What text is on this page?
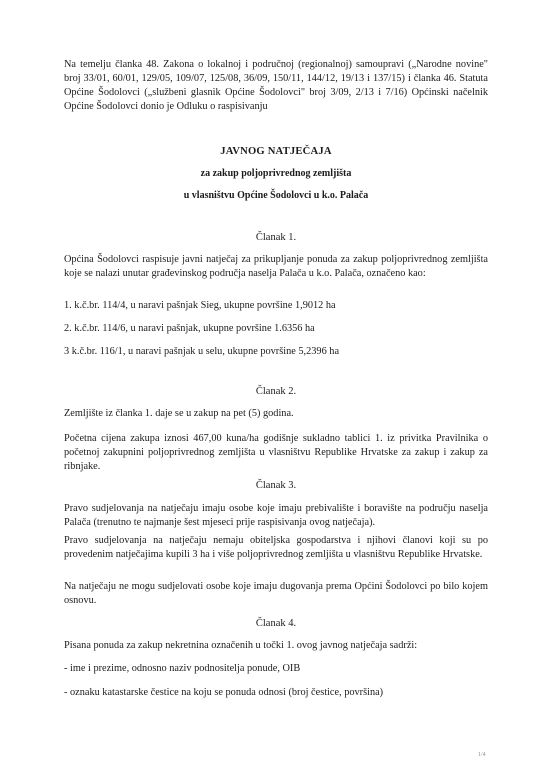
Na temelju članka 48. Zakona o lokalnoj i područnoj (regionalnoj) samoupravi („Narodne novine" broj 33/01, 60/01, 129/05, 109/07, 125/08, 36/09, 150/11, 144/12, 19/13 i 137/15) i članka 46. Statuta Općine Šodolovci („službeni glasnik Općine Šodolovci" broj 3/09, 2/13 i 7/16) Općinski načelnik Općine Šodolovci donio je Odluku o raspisivanju

JAVNOG NATJEČAJA

za zakup poljoprivrednog zemljišta

u vlasništvu Općine Šodolovci u k.o. Palača

Članak 1.

Općina Šodolovci raspisuje javni natječaj za prikupljanje ponuda za zakup poljoprivrednog zemljišta koje se nalazi unutar građevinskog područja naselja Palača u k.o. Palača, označeno kao:

1. k.č.br. 114/4, u naravi pašnjak Sieg, ukupne površine 1,9012 ha

2. k.č.br. 114/6, u naravi pašnjak, ukupne površine 1.6356 ha

3 k.č.br. 116/1, u naravi pašnjak u selu, ukupne površine 5,2396 ha

Članak 2.

Zemljište iz članka 1. daje se u zakup na pet (5) godina.

Početna cijena zakupa iznosi 467,00 kuna/ha godišnje sukladno tablici 1. iz privitka Pravilnika o početnoj zakupnini poljoprivrednog zemljišta u vlasništvu Republike Hrvatske za zakup i zakup za ribnjake.

Članak 3.

Pravo sudjelovanja na natječaju imaju osobe koje imaju prebivalište i boravište na području naselja Palača (trenutno te najmanje šest mjeseci prije raspisivanja ovog natječaja).

Pravo sudjelovanja na natječaju nemaju obiteljska gospodarstva i njihovi članovi koji su po provedenim natječajima kupili 3 ha i više poljoprivrednog zemljišta u vlasništvu Republike Hrvatske.

Na natječaju ne mogu sudjelovati osobe koje imaju dugovanja prema Općini Šodolovci po bilo kojem osnovu.

Članak 4.

Pisana ponuda za zakup nekretnina označenih u točki 1. ovog javnog natječaja sadrži:

- ime i prezime, odnosno naziv podnositelja ponude, OIB

- oznaku katastarske čestice na koju se ponuda odnosi (broj čestice, površina)

1/4
